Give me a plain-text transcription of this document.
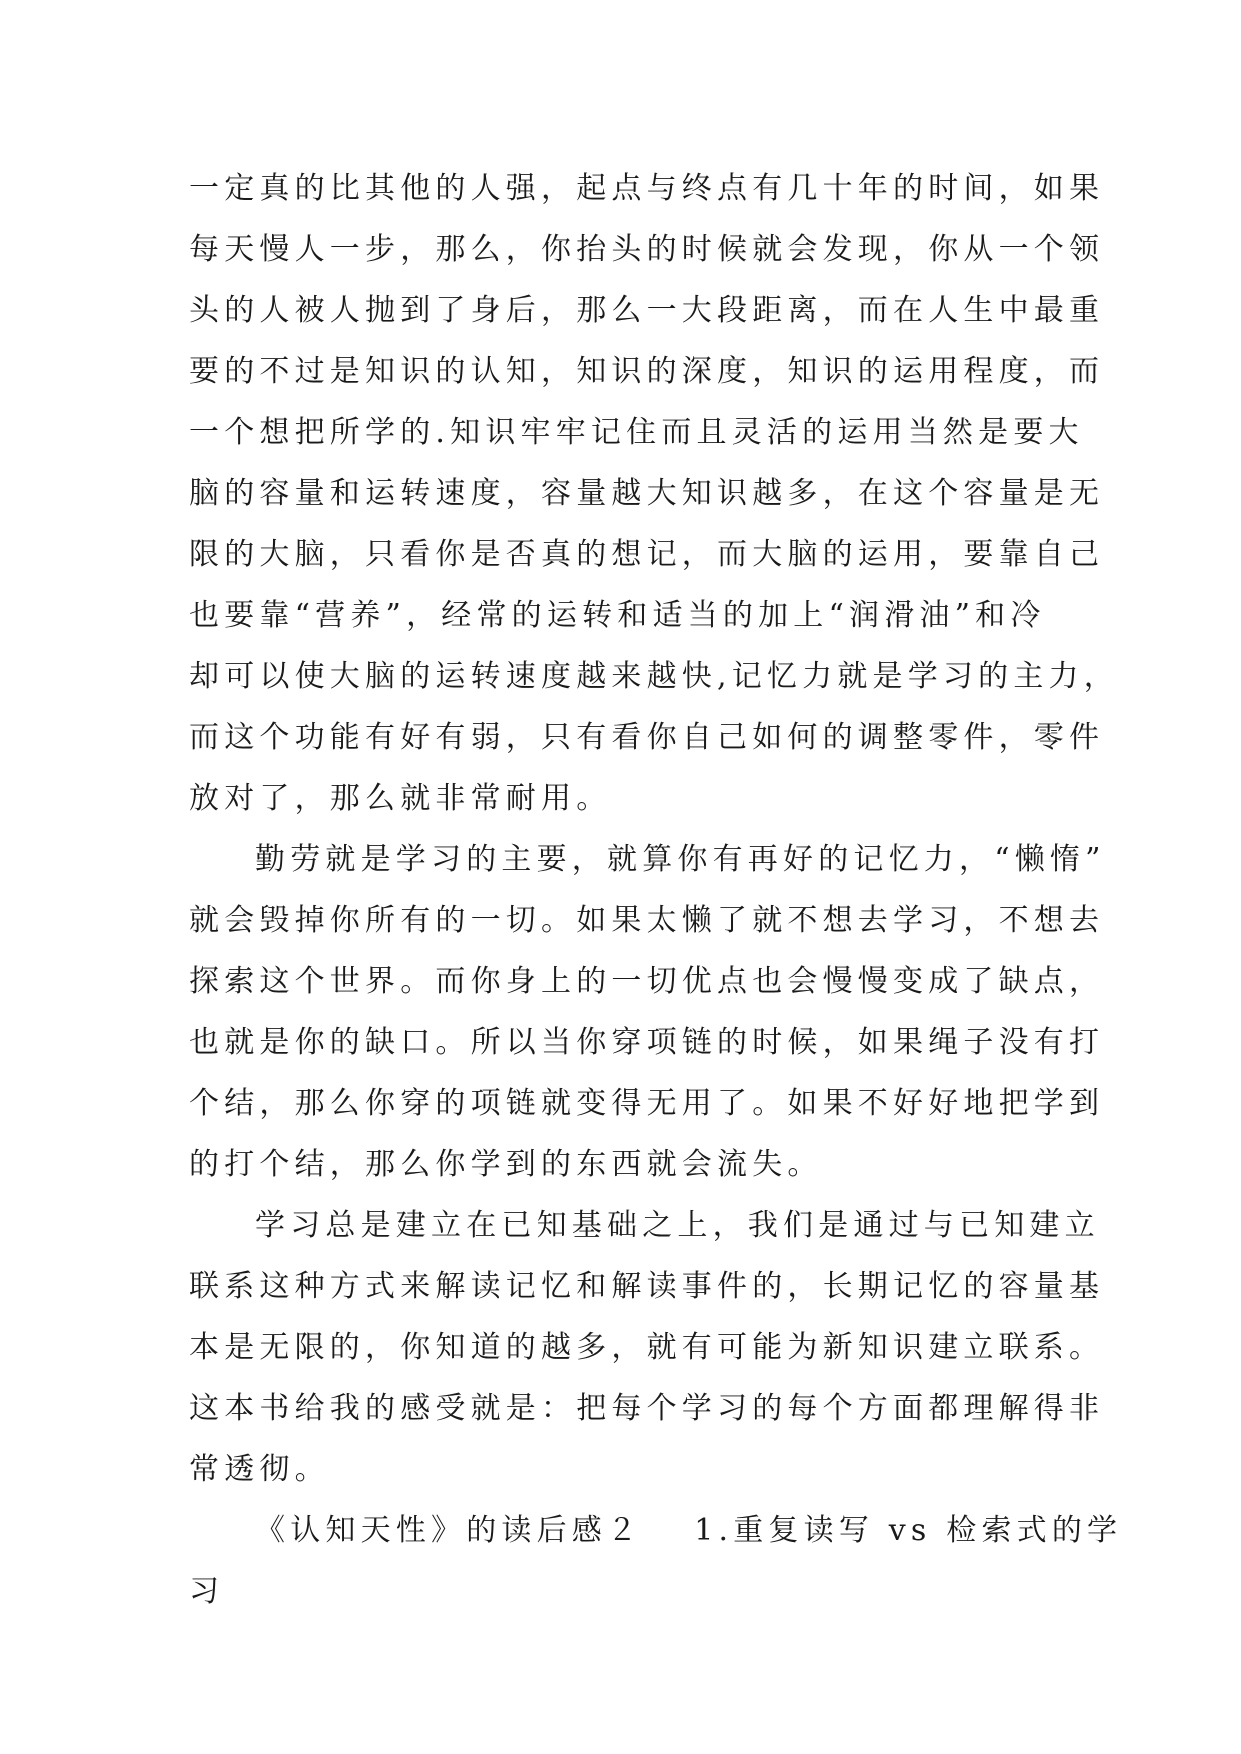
一定真的比其他的人强，起点与终点有几十年的时间，如果
每天慢人一步，那么，你抬头的时候就会发现，你从一个领
头的人被人抛到了身后，那么一大段距离，而在人生中最重
要的不过是知识的认知，知识的深度，知识的运用程度，而
一个想把所学的.知识牢牢记住而且灵活的运用当然是要大
脑的容量和运转速度，容量越大知识越多，在这个容量是无
限的大脑，只看你是否真的想记，而大脑的运用，要靠自己
也要靠“营养”，经常的运转和适当的加上“润滑油”和冷
却可以使大脑的运转速度越来越快,记忆力就是学习的主力，
而这个功能有好有弱，只有看你自己如何的调整零件，零件
放对了，那么就非常耐用。
勤劳就是学习的主要，就算你有再好的记忆力，“懒惰”
就会毁掉你所有的一切。如果太懒了就不想去学习，不想去
探索这个世界。而你身上的一切优点也会慢慢变成了缺点，
也就是你的缺口。所以当你穿项链的时候，如果绳子没有打
个结，那么你穿的项链就变得无用了。如果不好好地把学到
的打个结，那么你学到的东西就会流失。
学习总是建立在已知基础之上，我们是通过与已知建立
联系这种方式来解读记忆和解读事件的，长期记忆的容量基
本是无限的，你知道的越多，就有可能为新知识建立联系。
这本书给我的感受就是：把每个学习的每个方面都理解得非
常透彻。
《认知天性》的读后感２ 1.重复读写 vs 检索式的学
习
